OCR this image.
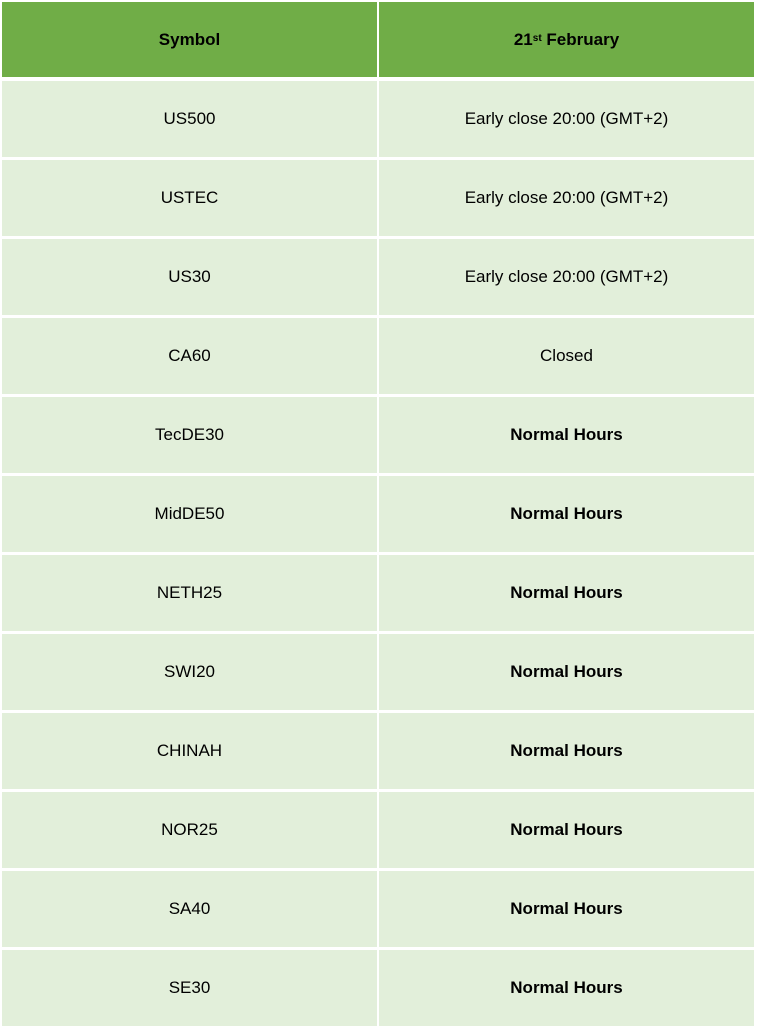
Symbol	21st February
US500	Early close 20:00 (GMT+2)
USTEC	Early close 20:00 (GMT+2)
US30	Early close 20:00 (GMT+2)
CA60	Closed
TecDE30	Normal Hours
MidDE50	Normal Hours
NETH25	Normal Hours
SWI20	Normal Hours
CHINAH	Normal Hours
NOR25	Normal Hours
SA40	Normal Hours
SE30	Normal Hours
